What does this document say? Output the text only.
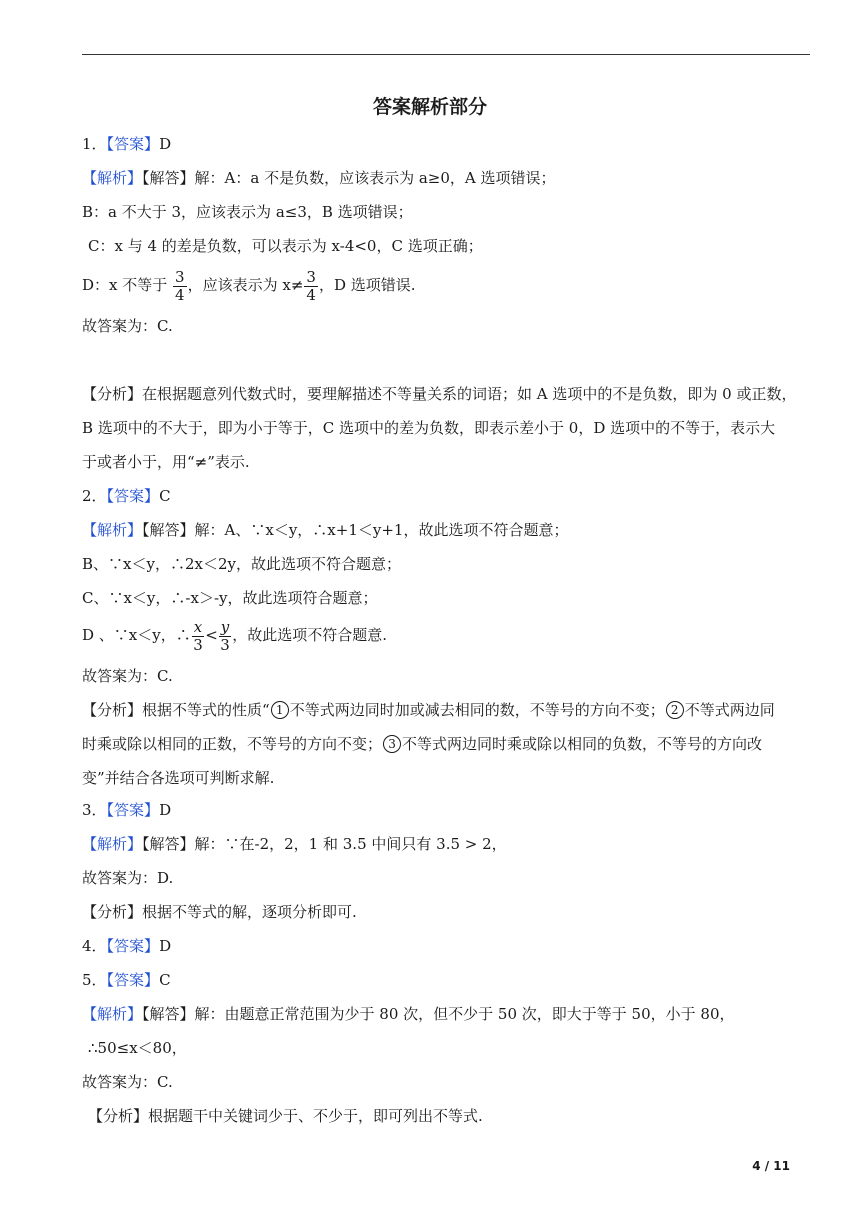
答案解析部分
1．【答案】D
【解析】【解答】解：A：a 不是负数，应该表示为 a≥0，A 选项错误；
B：a 不大于 3，应该表示为 a≤3，B 选项错误；
C：x 与 4 的差是负数，可以表示为 x-4<0，C 选项正确；
D：x 不等于 $\frac{3}{4}$ ，应该表示为 $x\ne \frac{3}{4}$ ，D 选项错误.
故答案为：C.
【分析】在根据题意列代数式时，要理解描述不等量关系的词语；如 A 选项中的不是负数，即为 0 或正数，
B 选项中的不大于，即为小于等于，C 选项中的差为负数，即表示差小于 0，D 选项中的不等于，表示大
于或者小于，用“≠”表示.
2．【答案】C
【解析】【解答】解：A、∵x＜y，∴x+1＜y+1，故此选项不符合题意；
B、∵x＜y，∴2x＜2y，故此选项不符合题意；
C、∵x＜y，∴-x＞-y，故此选项符合题意；
D 、∵x＜y，∴ $\frac{x}{3} < \frac{y}{3}$ ，故此选项不符合题意.
故答案为：C.
【分析】根据不等式的性质“ 1 不等式两边同时加或减去相同的数，不等号的方向不变； 2 不等式两边同
时乘或除以相同的正数，不等号的方向不变； 3 不等式两边同时乘或除以相同的负数，不等号的方向改
变”并结合各选项可判断求解.
3．【答案】D
【解析】【解答】解：∵在-2，2，1 和 3.5 中间只有 3.5 > 2，
故答案为：D.
【分析】根据不等式的解，逐项分析即可.
4．【答案】D
5．【答案】C
【解析】【解答】解：由题意正常范围为少于 80 次，但不少于 50 次，即大于等于 50，小于 80，
∴50≤x＜80，
故答案为：C.
【分析】根据题干中关键词少于、不少于，即可列出不等式.
4 / 11
